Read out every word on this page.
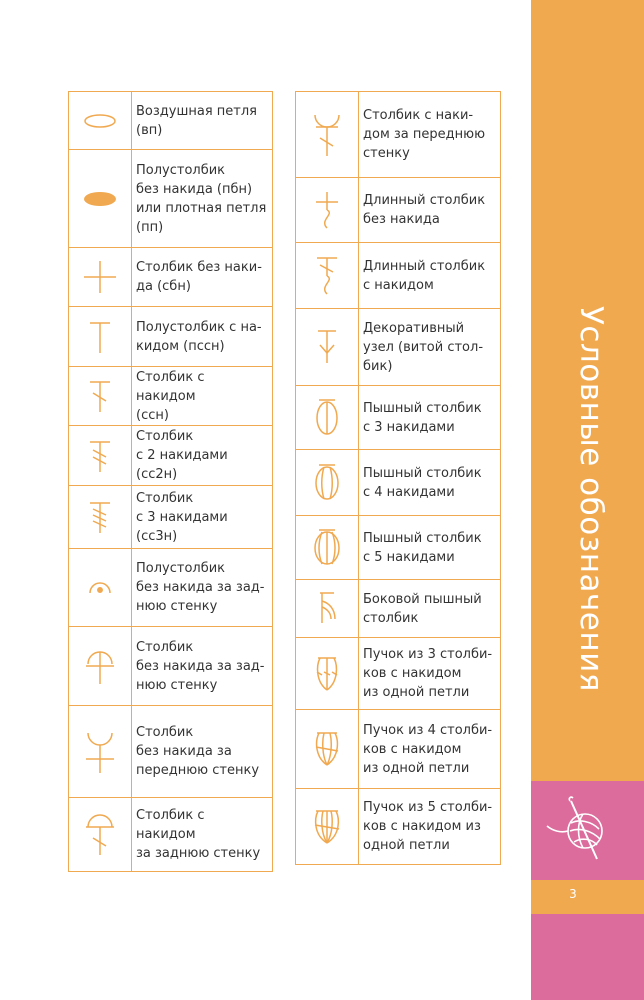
	Воздушная петля
(вп)

	Полустолбик
без накида (пбн)
или плотная петля
(пп)

	Столбик без наки-
да (сбн)

	Полустолбик с на-
кидом (пссн)

	Столбик с накидом
(ссн)

	Столбик
с 2 накидами (сс2н)

	Столбик
с 3 накидами (сс3н)

	Полустолбик
без накида за зад-
нюю стенку

	Столбик
без накида за зад-
нюю стенку

	Столбик
без накида за
переднюю стенку

	Столбик с накидом
за заднюю стенку
	Столбик с наки-
дом за переднюю
стенку

	Длинный столбик
без накида

	Длинный столбик
с накидом

	Декоративный
узел (витой стол-
бик)

	Пышный столбик
с 3 накидами

	Пышный столбик
с 4 накидами

	Пышный столбик
с 5 накидами

	Боковой пышный
столбик

	Пучок из 3 столби-
ков с накидом
из одной петли

	Пучок из 4 столби-
ков с накидом
из одной петли

	Пучок из 5 столби-
ков с накидом из
одной петли
Условные обозначения
3
